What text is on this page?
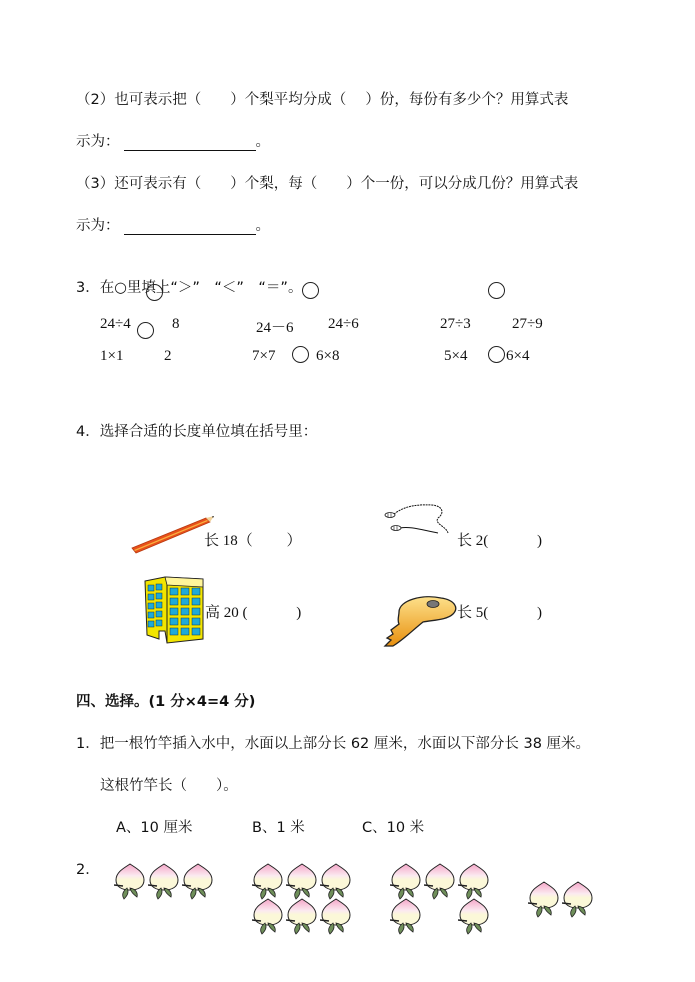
（2）也可表示把（　　）个梨平均分成（　 ）份，每份有多少个？用算式表
示为：	。
（3）还可表示有（　　）个梨，每（　　）个一份，可以分成几份？用算式表
示为：	。
3．在○里填上“＞”　“＜”　“＝”。
24÷4	8	24－6 24÷6	27÷3	27÷9
1×1	2	7×7	6×8	5×4	6×4
4．选择合适的长度单位填在括号里：
长 18（　　 ）	长 2(　　　 )
高 20 (　　　 )	长 5(　　　 )
四、选择。(1 分×4=4 分)
1．把一根竹竿插入水中，水面以上部分长 62 厘米，水面以下部分长 38 厘米。
这根竹竿长（　　）。
A、10 厘米	B、1 米	C、10 米
2．
